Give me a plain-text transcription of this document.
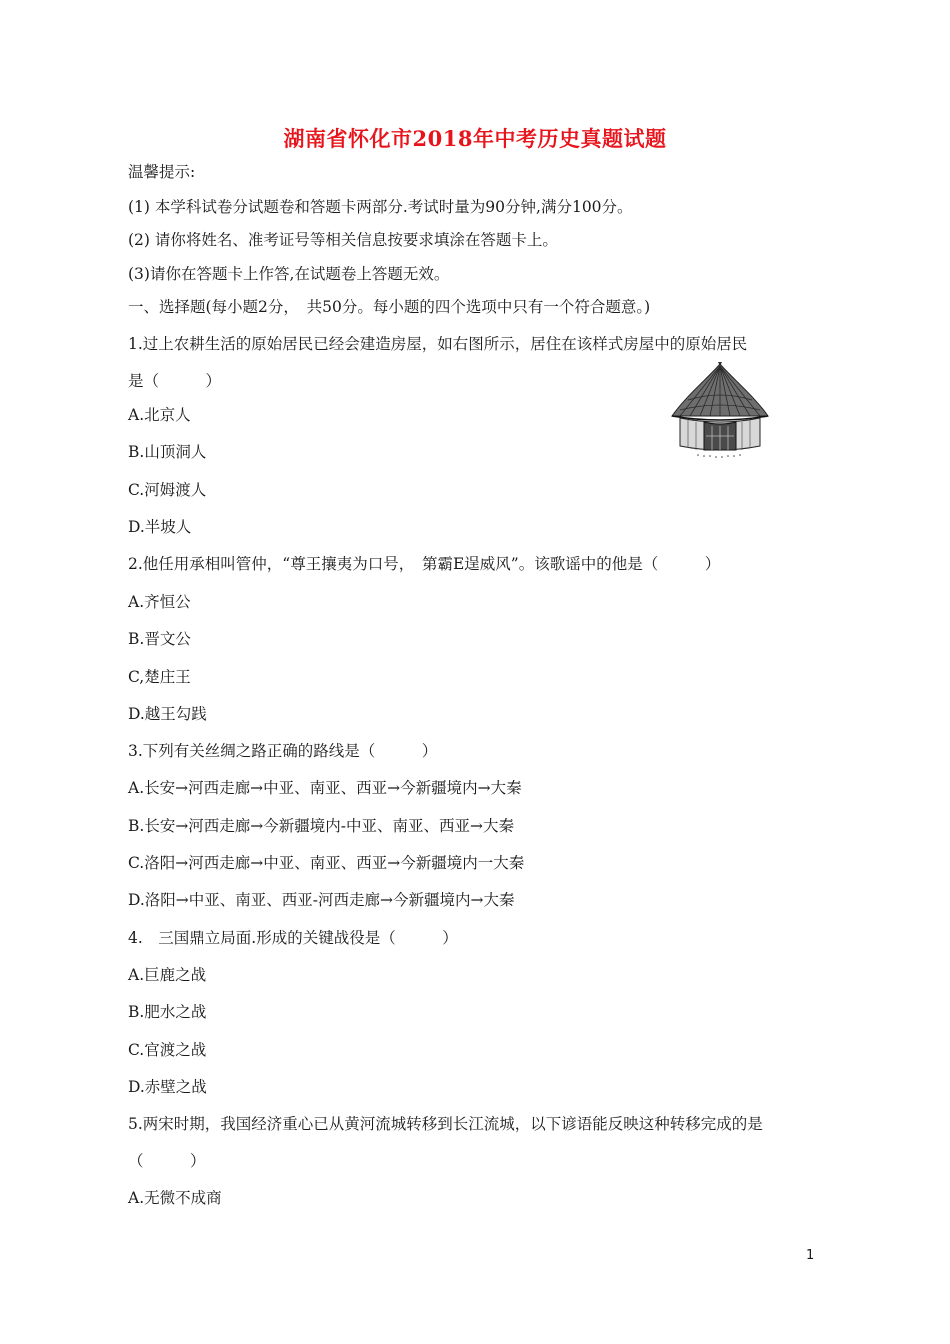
湖南省怀化市2018年中考历史真题试题
温馨提示:
(1) 本学科试卷分试题卷和答题卡两部分.考试时量为90分钟,满分100分。
(2) 请你将姓名、准考证号等相关信息按要求填涂在答题卡上。
(3)请你在答题卡上作答,在试题卷上答题无效。
一、选择题(每小题2分，　共50分。每小题的四个选项中只有一个符合题意。)
1.过上农耕生活的原始居民已经会建造房屋，如右图所示，居住在该样式房屋中的原始居民
是（　　　）
A.北京人
B.山顶洞人
C.河姆渡人
D.半坡人
2.他任用承相叫管仲，“尊王攘夷为口号，　第霸E逞威风”。该歌谣中的他是（　　　）
A.齐恒公
B.晋文公
C,楚庄王
D.越王勾践
3.下列有关丝绸之路正确的路线是（　　　）
A.长安→河西走廊→中亚、南亚、西亚→今新疆境内→大秦
B.长安→河西走廊→今新疆境内-中亚、南亚、西亚→大秦
C.洛阳→河西走廊→中亚、南亚、西亚→今新疆境内一大秦
D.洛阳→中亚、南亚、西亚-河西走廊→今新疆境内→大秦
4.　三国鼎立局面.形成的关键战役是（　　　）
A.巨鹿之战
B.肥水之战
C.官渡之战
D.赤壁之战
5.两宋时期，我国经济重心已从黄河流城转移到长江流城，以下谚语能反映这种转移完成的是
（　　　）
A.无微不成商
1
